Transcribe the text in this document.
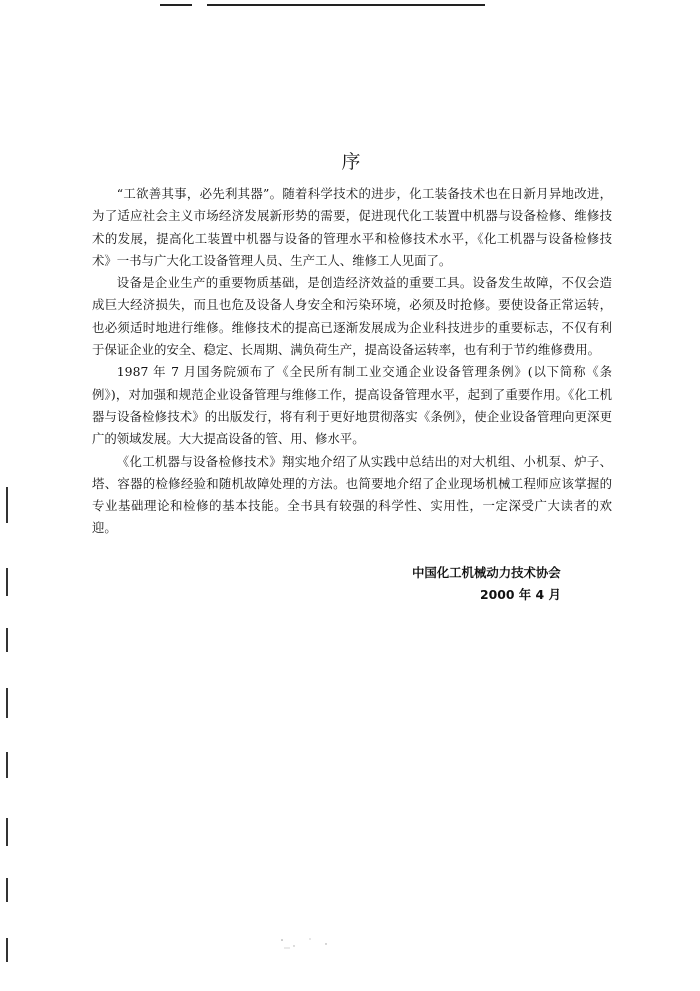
序

“工欲善其事，必先利其器”。随着科学技术的进步，化工装备技术也在日新月异地改进，为了适应社会主义市场经济发展新形势的需要，促进现代化工装置中机器与设备检修、维修技术的发展，提高化工装置中机器与设备的管理水平和检修技术水平，《化工机器与设备检修技术》一书与广大化工设备管理人员、生产工人、维修工人见面了。

设备是企业生产的重要物质基础，是创造经济效益的重要工具。设备发生故障，不仅会造成巨大经济损失，而且也危及设备人身安全和污染环境，必须及时抢修。要使设备正常运转，也必须适时地进行维修。维修技术的提高已逐渐发展成为企业科技进步的重要标志，不仅有利于保证企业的安全、稳定、长周期、满负荷生产，提高设备运转率，也有利于节约维修费用。

1987 年 7 月国务院颁布了《全民所有制工业交通企业设备管理条例》(以下简称《条例》)，对加强和规范企业设备管理与维修工作，提高设备管理水平，起到了重要作用。《化工机器与设备检修技术》的出版发行，将有利于更好地贯彻落实《条例》，使企业设备管理向更深更广的领域发展。大大提高设备的管、用、修水平。

《化工机器与设备检修技术》翔实地介绍了从实践中总结出的对大机组、小机泵、炉子、塔、容器的检修经验和随机故障处理的方法。也简要地介绍了企业现场机械工程师应该掌握的专业基础理论和检修的基本技能。全书具有较强的科学性、实用性，一定深受广大读者的欢迎。

中国化工机械动力技术协会
2000 年 4 月
